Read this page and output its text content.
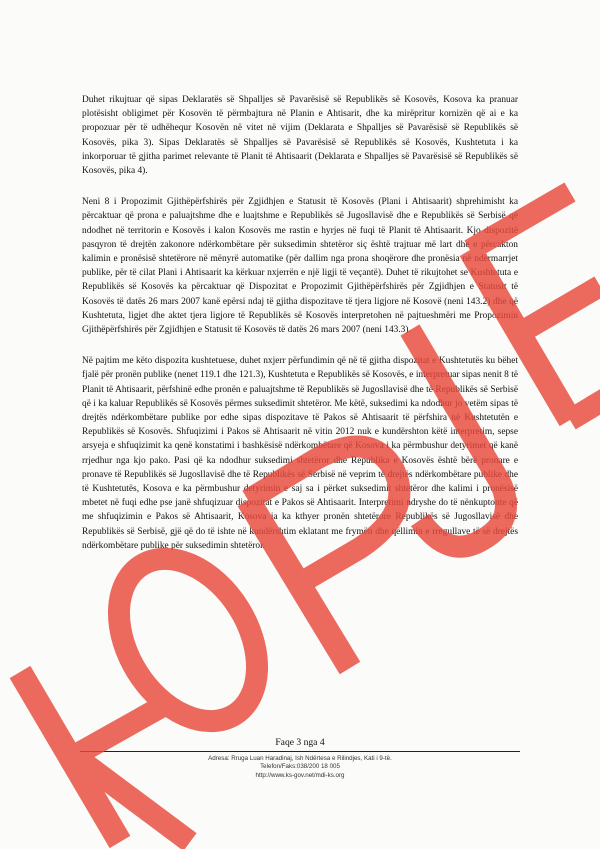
Duhet rikujtuar që sipas Deklaratës së Shpalljes së Pavarësisë së Republikës së Kosovës, Kosova ka pranuar plotësisht obligimet për Kosovën të përmbajtura në Planin e Ahtisarit, dhe ka mirëpritur kornizën që ai e ka propozuar për të udhëhequr Kosovën në vitet në vijim (Deklarata e Shpalljes së Pavarësisë së Republikës së Kosovës, pika 3). Sipas Deklaratës së Shpalljes së Pavarësisë së Republikës së Kosovës, Kushtetuta i ka inkorporuar të gjitha parimet relevante të Planit të Ahtisaarit (Deklarata e Shpalljes së Pavarësisë së Republikës së Kosovës, pika 4).

Neni 8 i Propozimit Gjithëpërfshirës për Zgjidhjen e Statusit të Kosovës (Plani i Ahtisaarit) shprehimisht ka përcaktuar që prona e paluajtshme dhe e luajtshme e Republikës së Jugosllavisë dhe e Republikës së Serbisë që ndodhet në territorin e Kosovës i kalon Kosovës me rastin e hyrjes në fuqi të Planit të Ahtisaarit. Kjo dispozitë pasqyron të drejtën zakonore ndërkombëtare për suksedimin shtetëror siç është trajtuar më lart dhe e përcakton kalimin e pronësisë shtetërore në mënyrë automatike (për dallim nga prona shoqërore dhe pronësia në ndërmarrjet publike, për të cilat Plani i Ahtisaarit ka kërkuar nxjerrën e një ligji të veçantë). Duhet të rikujtohet se Kushtetuta e Republikës së Kosovës ka përcaktuar që Dispozitat e Propozimit Gjithëpërfshirës për Zgjidhjen e Statusit të Kosovës të datës 26 mars 2007 kanë epërsi ndaj të gjitha dispozitave të tjera ligjore në Kosovë (neni 143.2) dhe që Kushtetuta, ligjet dhe aktet tjera ligjore të Republikës së Kosovës interpretohen në pajtueshmëri me Propozimin Gjithëpërfshirës për Zgjidhjen e Statusit të Kosovës të datës 26 mars 2007 (neni 143.3).

Në pajtim me këto dispozita kushtetuese, duhet nxjerr përfundimin që në të gjitha dispozitat e Kushtetutës ku bëhet fjalë për pronën publike (nenet 119.1 dhe 121.3), Kushtetuta e Republikës së Kosovës, e interpretuar sipas nenit 8 të Planit të Ahtisaarit, përfshinë edhe pronën e paluajtshme të Republikës së Jugosllavisë dhe të Republikës së Serbisë që i ka kaluar Republikës së Kosovës përmes suksedimit shtetëror. Me këtë, suksedimi ka ndodhur jo vetëm sipas të drejtës ndërkombëtare publike por edhe sipas dispozitave të Pakos së Ahtisaarit të përfshira në Kushtetutën e Republikës së Kosovës. Shfuqizimi i Pakos së Ahtisaarit në vitin 2012 nuk e kundërshton këtë interpretim, sepse arsyeja e shfuqizimit ka qenë konstatimi i bashkësisë ndërkombëtare që Kosova i ka përmbushur detyrimet që kanë rrjedhur nga kjo pako. Pasi që ka ndodhur suksedimi shtetëror dhe Republika e Kosovës është bërë pronare e pronave të Republikës së Jugosllavisë dhe të Republikës së Serbisë në veprim të drejtës ndërkombëtare publike dhe të Kushtetutës, Kosova e ka përmbushur detyrimin e saj sa i përket suksedimit shtetëror dhe kalimi i pronësisë mbetet në fuqi edhe pse janë shfuqizuar dispozitat e Pakos së Ahtisaarit. Interpretimi ndryshe do të nënkuptonte që me shfuqizimin e Pakos së Ahtisaarit, Kosova ia ka kthyer pronën shtetërore Republikës së Jugosllavisë dhe Republikës së Serbisë, gjë që do të ishte në kundërshtim eklatant me frymën dhe qëllimin e rregullave të së drejtës ndërkombëtare publike për suksedimin shtetëror.

Faqe 3 nga 4
Adresa: Rruga Luan Haradinaj, Ish Ndërtesa e Rilindjes, Kati i 9-të.
Telefon/Faks:038/200 18 005
http://www.ks-gov.net/mdi-ks.org
